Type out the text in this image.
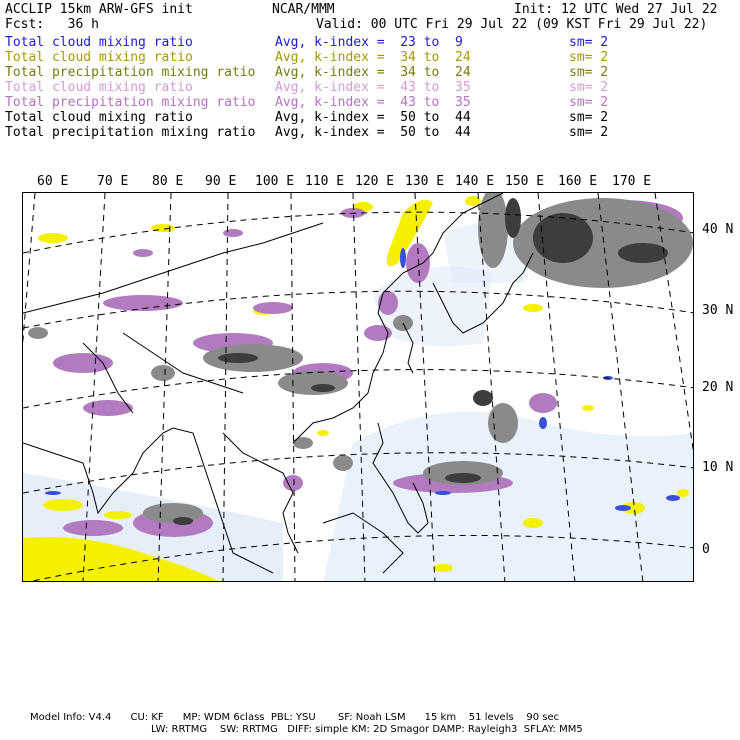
ACCLIP 15km ARW-GFS init	NCAR/MMM	Init: 12 UTC Wed 27 Jul 22
Fcst:   36 h	Valid: 00 UTC Fri 29 Jul 22 (09 KST Fri 29 Jul 22)
Total cloud mixing ratio	Avg, k-index =  23 to  9	sm= 2
Total cloud mixing ratio	Avg, k-index =  34 to  24	sm= 2
Total precipitation mixing ratio Avg, k-index =  34 to  24	sm= 2
Total cloud mixing ratio	Avg, k-index =  43 to  35	sm= 2
Total precipitation mixing ratio Avg, k-index =  43 to  35	sm= 2
Total cloud mixing ratio	Avg, k-index =  50 to  44	sm= 2
Total precipitation mixing ratio Avg, k-index =  50 to  44	sm= 2
60 E 70 E 80 E 90 E 100 E 110 E 120 E 130 E 140 E 150 E 160 E 170 E
40 N
30 N
20 N
10 N
0
Model Info: V4.4      CU: KF      MP: WDM 6class  PBL: YSU       SF: Noah LSM      15 km    51 levels    90 sec
LW: RRTMG    SW: RRTMG   DIFF: simple KM: 2D Smagor DAMP: Rayleigh3  SFLAY: MM5
